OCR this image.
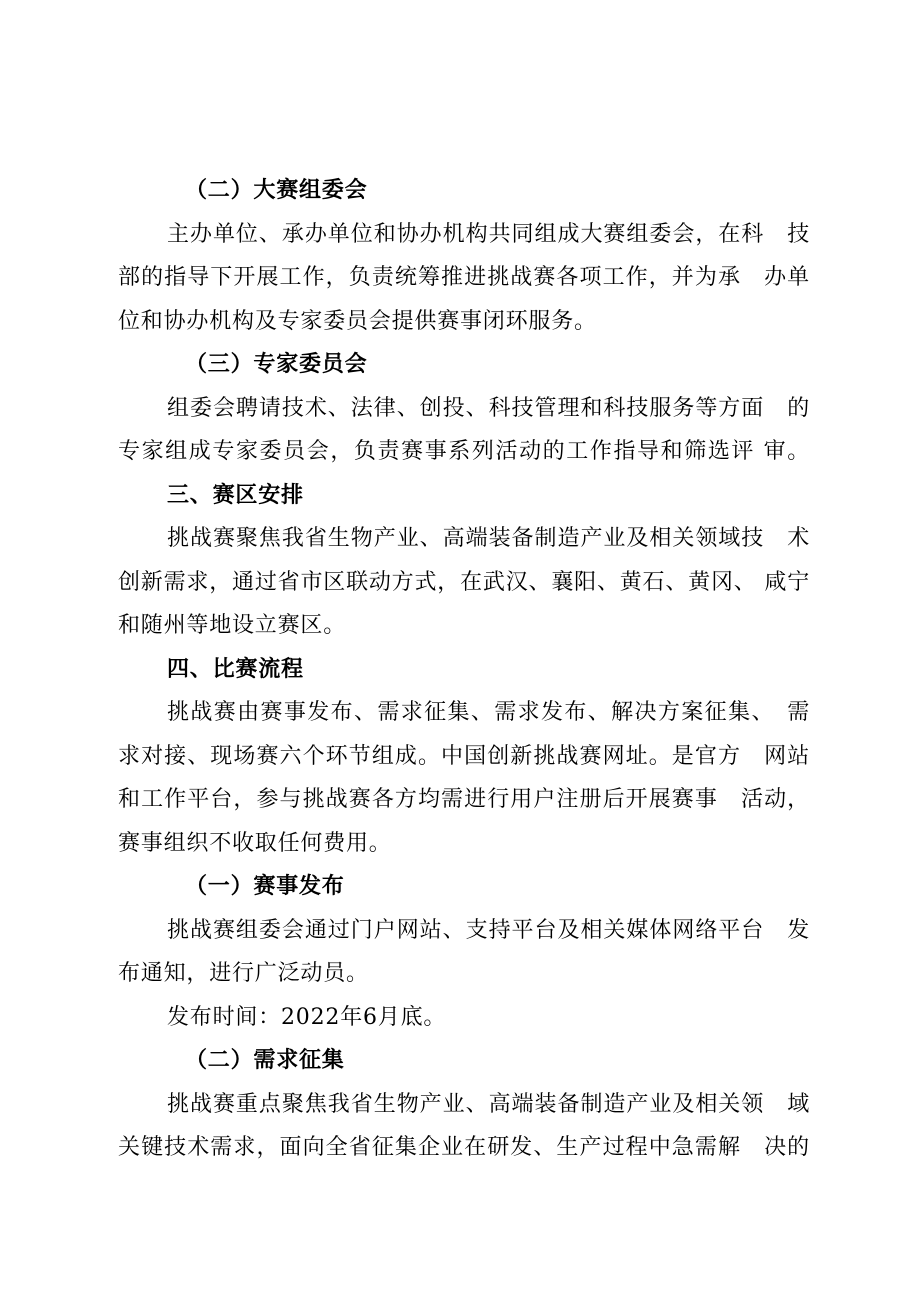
（二）大赛组委会
主办单位、承办单位和协办机构共同组成大赛组委会，在科　技
部的指导下开展工作，负责统筹推进挑战赛各项工作，并为承　办单
位和协办机构及专家委员会提供赛事闭环服务。
（三）专家委员会
组委会聘请技术、法律、创投、科技管理和科技服务等方面　的
专家组成专家委员会，负责赛事系列活动的工作指导和筛选评 审。
三、赛区安排
挑战赛聚焦我省生物产业、高端装备制造产业及相关领域技　术
创新需求，通过省市区联动方式，在武汉、襄阳、黄石、黄冈、 咸宁
和随州等地设立赛区。
四、比赛流程
挑战赛由赛事发布、需求征集、需求发布、解决方案征集、　需
求对接、现场赛六个环节组成。中国创新挑战赛网址。是官方　网站
和工作平台，参与挑战赛各方均需进行用户注册后开展赛事　活动，
赛事组织不收取任何费用。
（一）赛事发布
挑战赛组委会通过门户网站、支持平台及相关媒体网络平台　发
布通知，进行广泛动员。
发布时间：2022年6月底。
（二）需求征集
挑战赛重点聚焦我省生物产业、高端装备制造产业及相关领　域
关键技术需求，面向全省征集企业在研发、生产过程中急需解　决的
